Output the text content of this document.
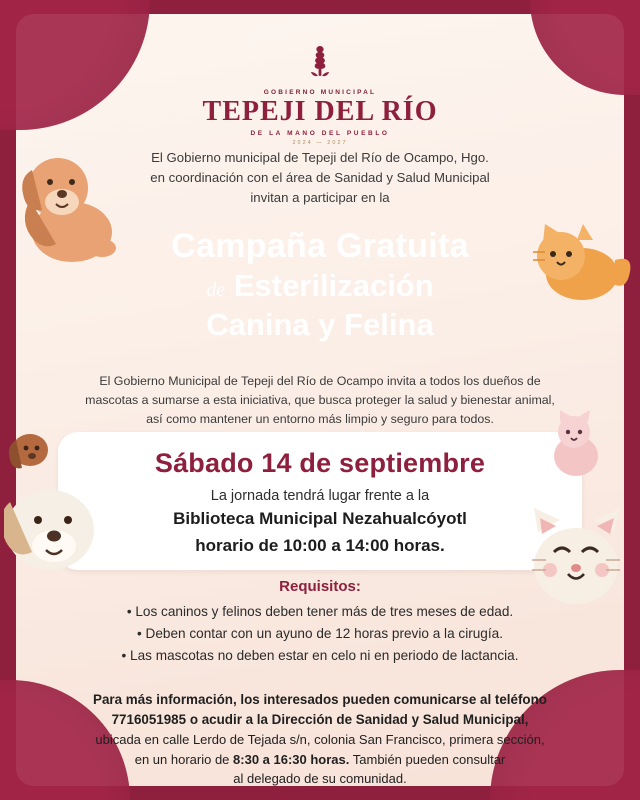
GOBIERNO MUNICIPAL
TEPEJI DEL RÍO
DE LA MANO DEL PUEBLO
2024 — 2027
El Gobierno municipal de Tepeji del Río de Ocampo, Hgo.
en coordinación con el área de Sanidad y Salud Municipal
invitan a participar en la
Campaña Gratuita
de Esterilización
Canina y Felina
El Gobierno Municipal de Tepeji del Río de Ocampo invita a todos los dueños de
mascotas a sumarse a esta iniciativa, que busca proteger la salud y bienestar animal,
así como mantener un entorno más limpio y seguro para todos.
Sábado 14 de septiembre
La jornada tendrá lugar frente a la
Biblioteca Municipal Nezahualcóyotl
horario de 10:00 a 14:00 horas.
Requisitos:
• Los caninos y felinos deben tener más de tres meses de edad.
• Deben contar con un ayuno de 12 horas previo a la cirugía.
• Las mascotas no deben estar en celo ni en periodo de lactancia.
Para más información, los interesados pueden comunicarse al teléfono
7716051985 o acudir a la Dirección de Sanidad y Salud Municipal,
ubicada en calle Lerdo de Tejada s/n, colonia San Francisco, primera sección,
en un horario de 8:30 a 16:30 horas. También pueden consultar
al delegado de su comunidad.
